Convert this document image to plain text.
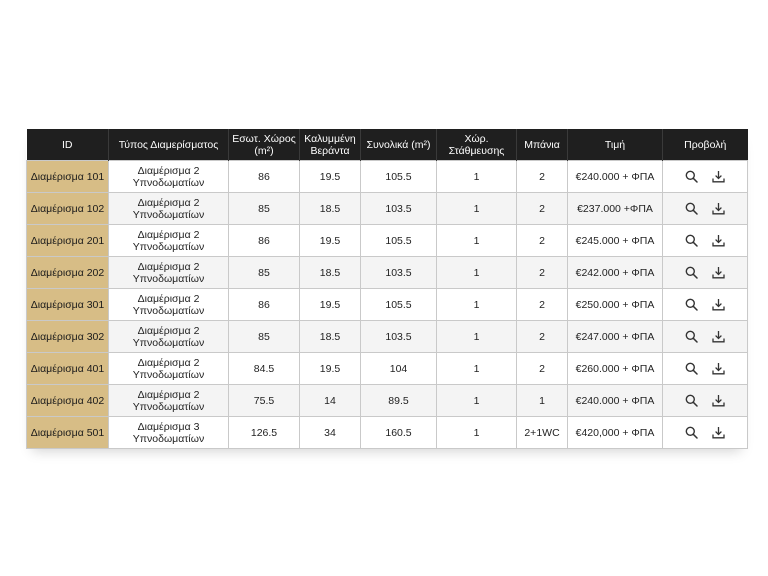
ID	Τύπος Διαμερίσματος	Εσωτ. Χώρος
(m²)	Καλυμμένη
Βεράντα	Συνολικά (m²)	Χώρ. Στάθμευσης	Μπάνια	Τιμή	Προβολή
Διαμέρισμα 101	Διαμέρισμα 2
Υπνοδωματίων	86	19.5	105.5	1	2	€240.000 + ΦΠΑ	

Διαμέρισμα 102	Διαμέρισμα 2
Υπνοδωματίων	85	18.5	103.5	1	2	€237.000 +ΦΠΑ	

Διαμέρισμα 201	Διαμέρισμα 2
Υπνοδωματίων	86	19.5	105.5	1	2	€245.000 + ΦΠΑ	

Διαμέρισμα 202	Διαμέρισμα 2
Υπνοδωματίων	85	18.5	103.5	1	2	€242.000 + ΦΠΑ	

Διαμέρισμα 301	Διαμέρισμα 2
Υπνοδωματίων	86	19.5	105.5	1	2	€250.000 + ΦΠΑ	

Διαμέρισμα 302	Διαμέρισμα 2
Υπνοδωματίων	85	18.5	103.5	1	2	€247.000 + ΦΠΑ	

Διαμέρισμα 401	Διαμέρισμα 2
Υπνοδωματίων	84.5	19.5	104	1	2	€260.000 + ΦΠΑ	

Διαμέρισμα 402	Διαμέρισμα 2
Υπνοδωματίων	75.5	14	89.5	1	1	€240.000 + ΦΠΑ	

Διαμέρισμα 501	Διαμέρισμα 3
Υπνοδωματίων	126.5	34	160.5	1	2+1WC	€420,000 + ΦΠΑ	
